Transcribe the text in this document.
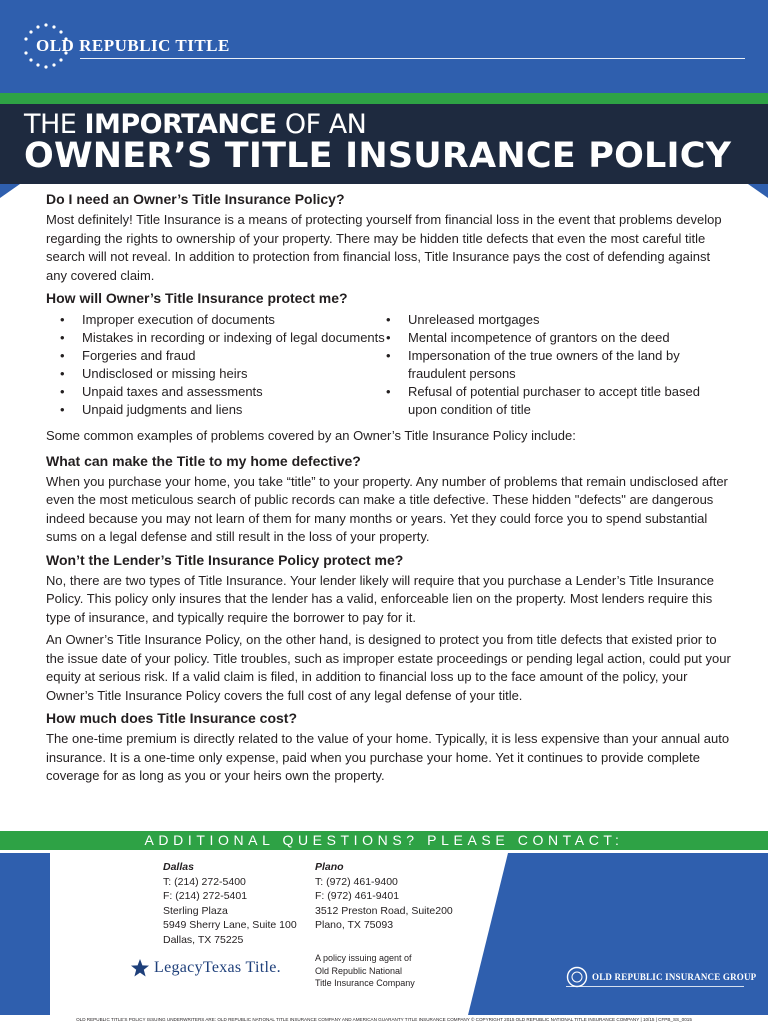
OLD REPUBLIC TITLE
THE IMPORTANCE OF AN
OWNER’S TITLE INSURANCE POLICY
Do I need an Owner’s Title Insurance Policy?

Most definitely! Title Insurance is a means of protecting yourself from financial loss in the event that problems develop regarding the rights to ownership of your property. There may be hidden title defects that even the most careful title search will not reveal. In addition to protection from financial loss, Title Insurance pays the cost of defending against any covered claim.

How will Owner’s Title Insurance protect me?
• Improper execution of documents
• Mistakes in recording or indexing of legal documents
• Forgeries and fraud
• Undisclosed or missing heirs
• Unpaid taxes and assessments
• Unpaid judgments and liens
• Unreleased mortgages
• Mental incompetence of grantors on the deed
• Impersonation of the true owners of the land by fraudulent persons
• Refusal of potential purchaser to accept title based upon condition of title

Some common examples of problems covered by an Owner’s Title Insurance Policy include:

What can make the Title to my home defective?

When you purchase your home, you take “title” to your property. Any number of problems that remain undisclosed after even the most meticulous search of public records can make a title defective. These hidden "defects" are dangerous indeed because you may not learn of them for many months or years. Yet they could force you to spend substantial sums on a legal defense and still result in the loss of your property.

Won’t the Lender’s Title Insurance Policy protect me?

No, there are two types of Title Insurance. Your lender likely will require that you purchase a Lender’s Title Insurance Policy. This policy only insures that the lender has a valid, enforceable lien on the property. Most lenders require this type of insurance, and typically require the borrower to pay for it.

An Owner’s Title Insurance Policy, on the other hand, is designed to protect you from title defects that existed prior to the issue date of your policy. Title troubles, such as improper estate proceedings or pending legal action, could put your equity at serious risk. If a valid claim is filed, in addition to financial loss up to the face amount of the policy, your Owner’s Title Insurance Policy covers the full cost of any legal defense of your title.

How much does Title Insurance cost?

The one-time premium is directly related to the value of your home. Typically, it is less expensive than your annual auto insurance. It is a one-time only expense, paid when you purchase your home. Yet it continues to provide complete coverage for as long as you or your heirs own the property.

ADDITIONAL QUESTIONS? PLEASE CONTACT:
Dallas
T: (214) 272-5400
F: (214) 272-5401
Sterling Plaza
5949 Sherry Lane, Suite 100
Dallas, TX 75225
Plano
T: (972) 461-9400
F: (972) 461-9401
3512 Preston Road, Suite200
Plano, TX 75093
A policy issuing agent of
Old Republic National
Title Insurance Company
LegacyTexas Title.
OLD REPUBLIC INSURANCE GROUP
OLD REPUBLIC TITLE'S POLICY ISSUING UNDERWRITERS ARE: OLD REPUBLIC NATIONAL TITLE INSURANCE COMPANY AND AMERICAN GUARANTY TITLE INSURANCE COMPANY © COPYRIGHT 2015 OLD REPUBLIC NATIONAL TITLE INSURANCE COMPANY | 10/15 | CFPB_SS_0015
